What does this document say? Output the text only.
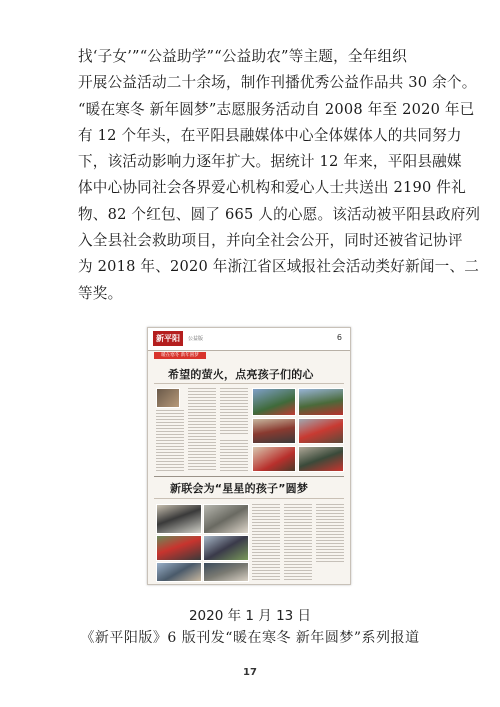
找‘子女’”“公益助学”“公益助农”等主题，全年组织
开展公益活动二十余场，制作刊播优秀公益作品共 30 余个。
“暖在寒冬 新年圆梦”志愿服务活动自 2008 年至 2020 年已
有 12 个年头，在平阳县融媒体中心全体媒体人的共同努力
下，该活动影响力逐年扩大。据统计 12 年来，平阳县融媒
体中心协同社会各界爱心机构和爱心人士共送出 2190 件礼
物、82 个红包、圆了 665 人的心愿。该活动被平阳县政府列
入全县社会救助项目，并向全社会公开，同时还被省记协评
为 2018 年、2020 年浙江省区域报社会活动类好新闻一、二
等奖。
新平阳	公益版	6
暖在寒冬 新年圆梦
希望的萤火，点亮孩子们的心
新联会为“星星的孩子”圆梦
2020 年 1 月 13 日
《新平阳版》6 版刊发“暖在寒冬 新年圆梦”系列报道
17
